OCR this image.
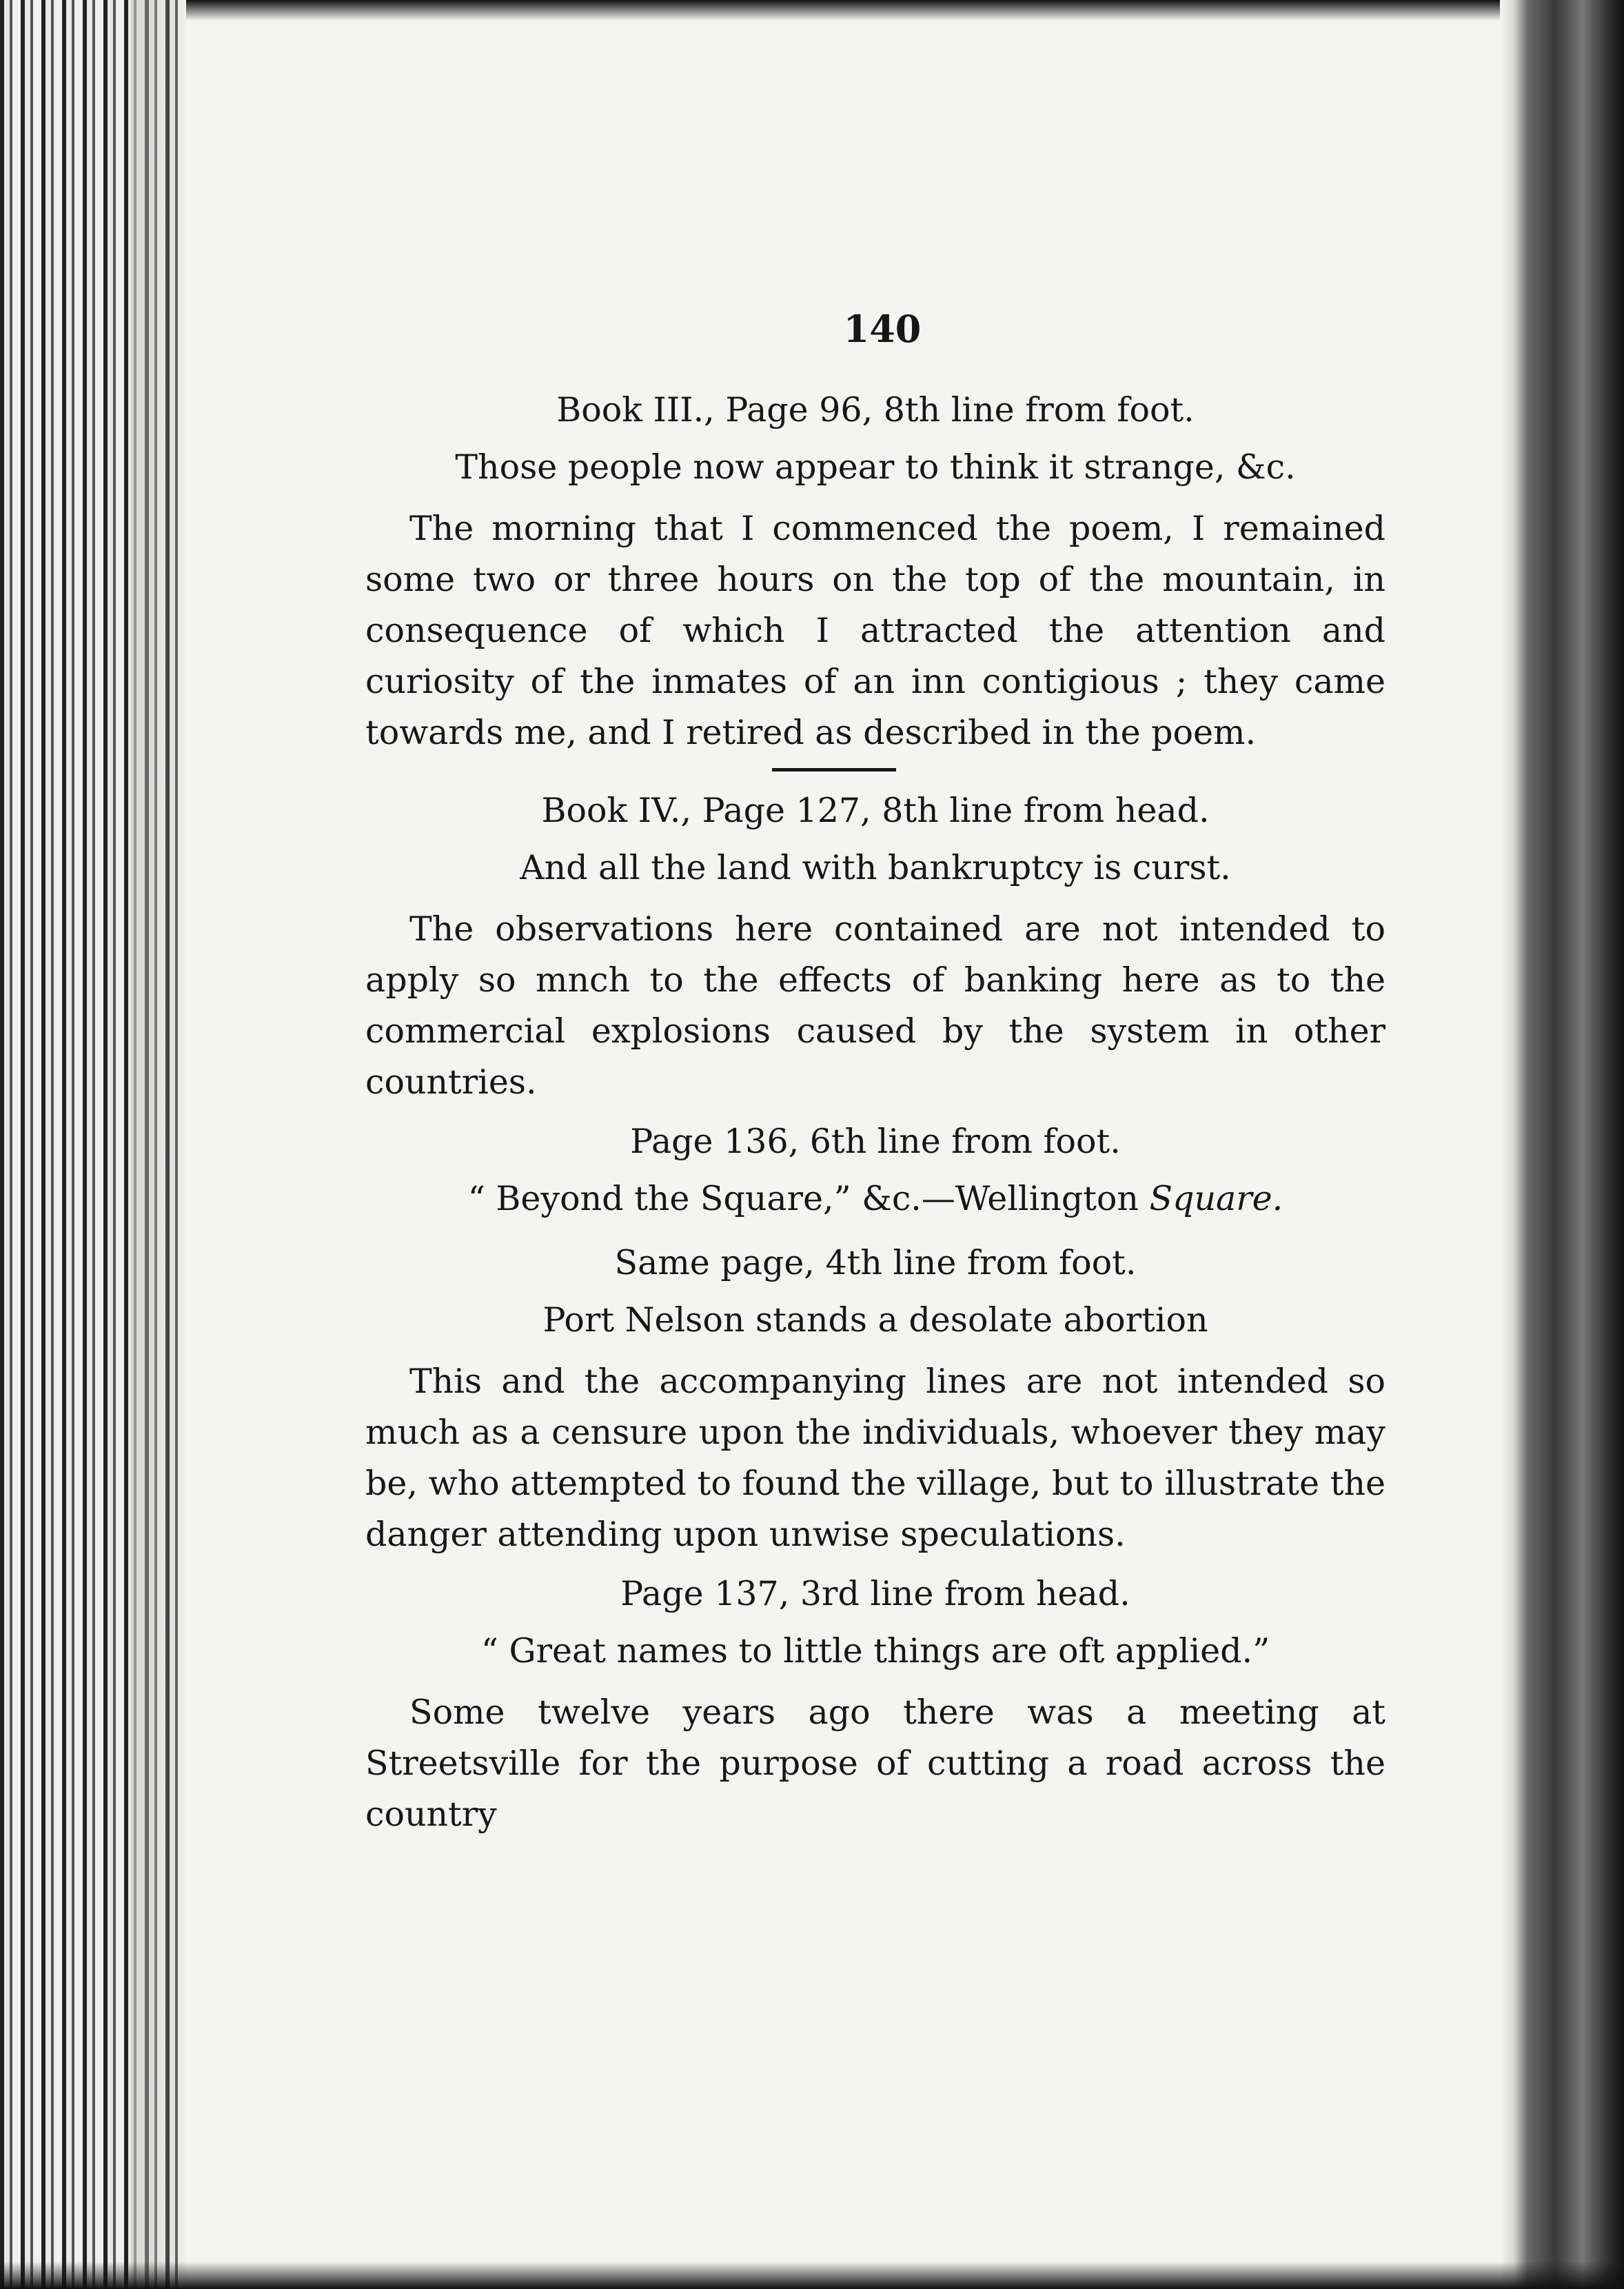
140

Book III., Page 96, 8th line from foot.

Those people now appear to think it strange, &c.

The morning that I commenced the poem, I remained some two or three hours on the top of the mountain, in consequence of which I attracted the attention and curiosity of the inmates of an inn contigious ; they came towards me, and I retired as described in the poem.

Book IV., Page 127, 8th line from head.

And all the land with bankruptcy is curst.

The observations here contained are not intended to apply so mnch to the effects of banking here as to the commercial explosions caused by the system in other countries.

Page 136, 6th line from foot.

“ Beyond the Square,” &c.—Wellington Square.

Same page, 4th line from foot.

Port Nelson stands a desolate abortion

This and the accompanying lines are not intended so much as a censure upon the individuals, whoever they may be, who attempted to found the village, but to illustrate the danger attending upon unwise speculations.

Page 137, 3rd line from head.

“ Great names to little things are oft applied.”

Some twelve years ago there was a meeting at Streetsville for the purpose of cutting a road across the country
